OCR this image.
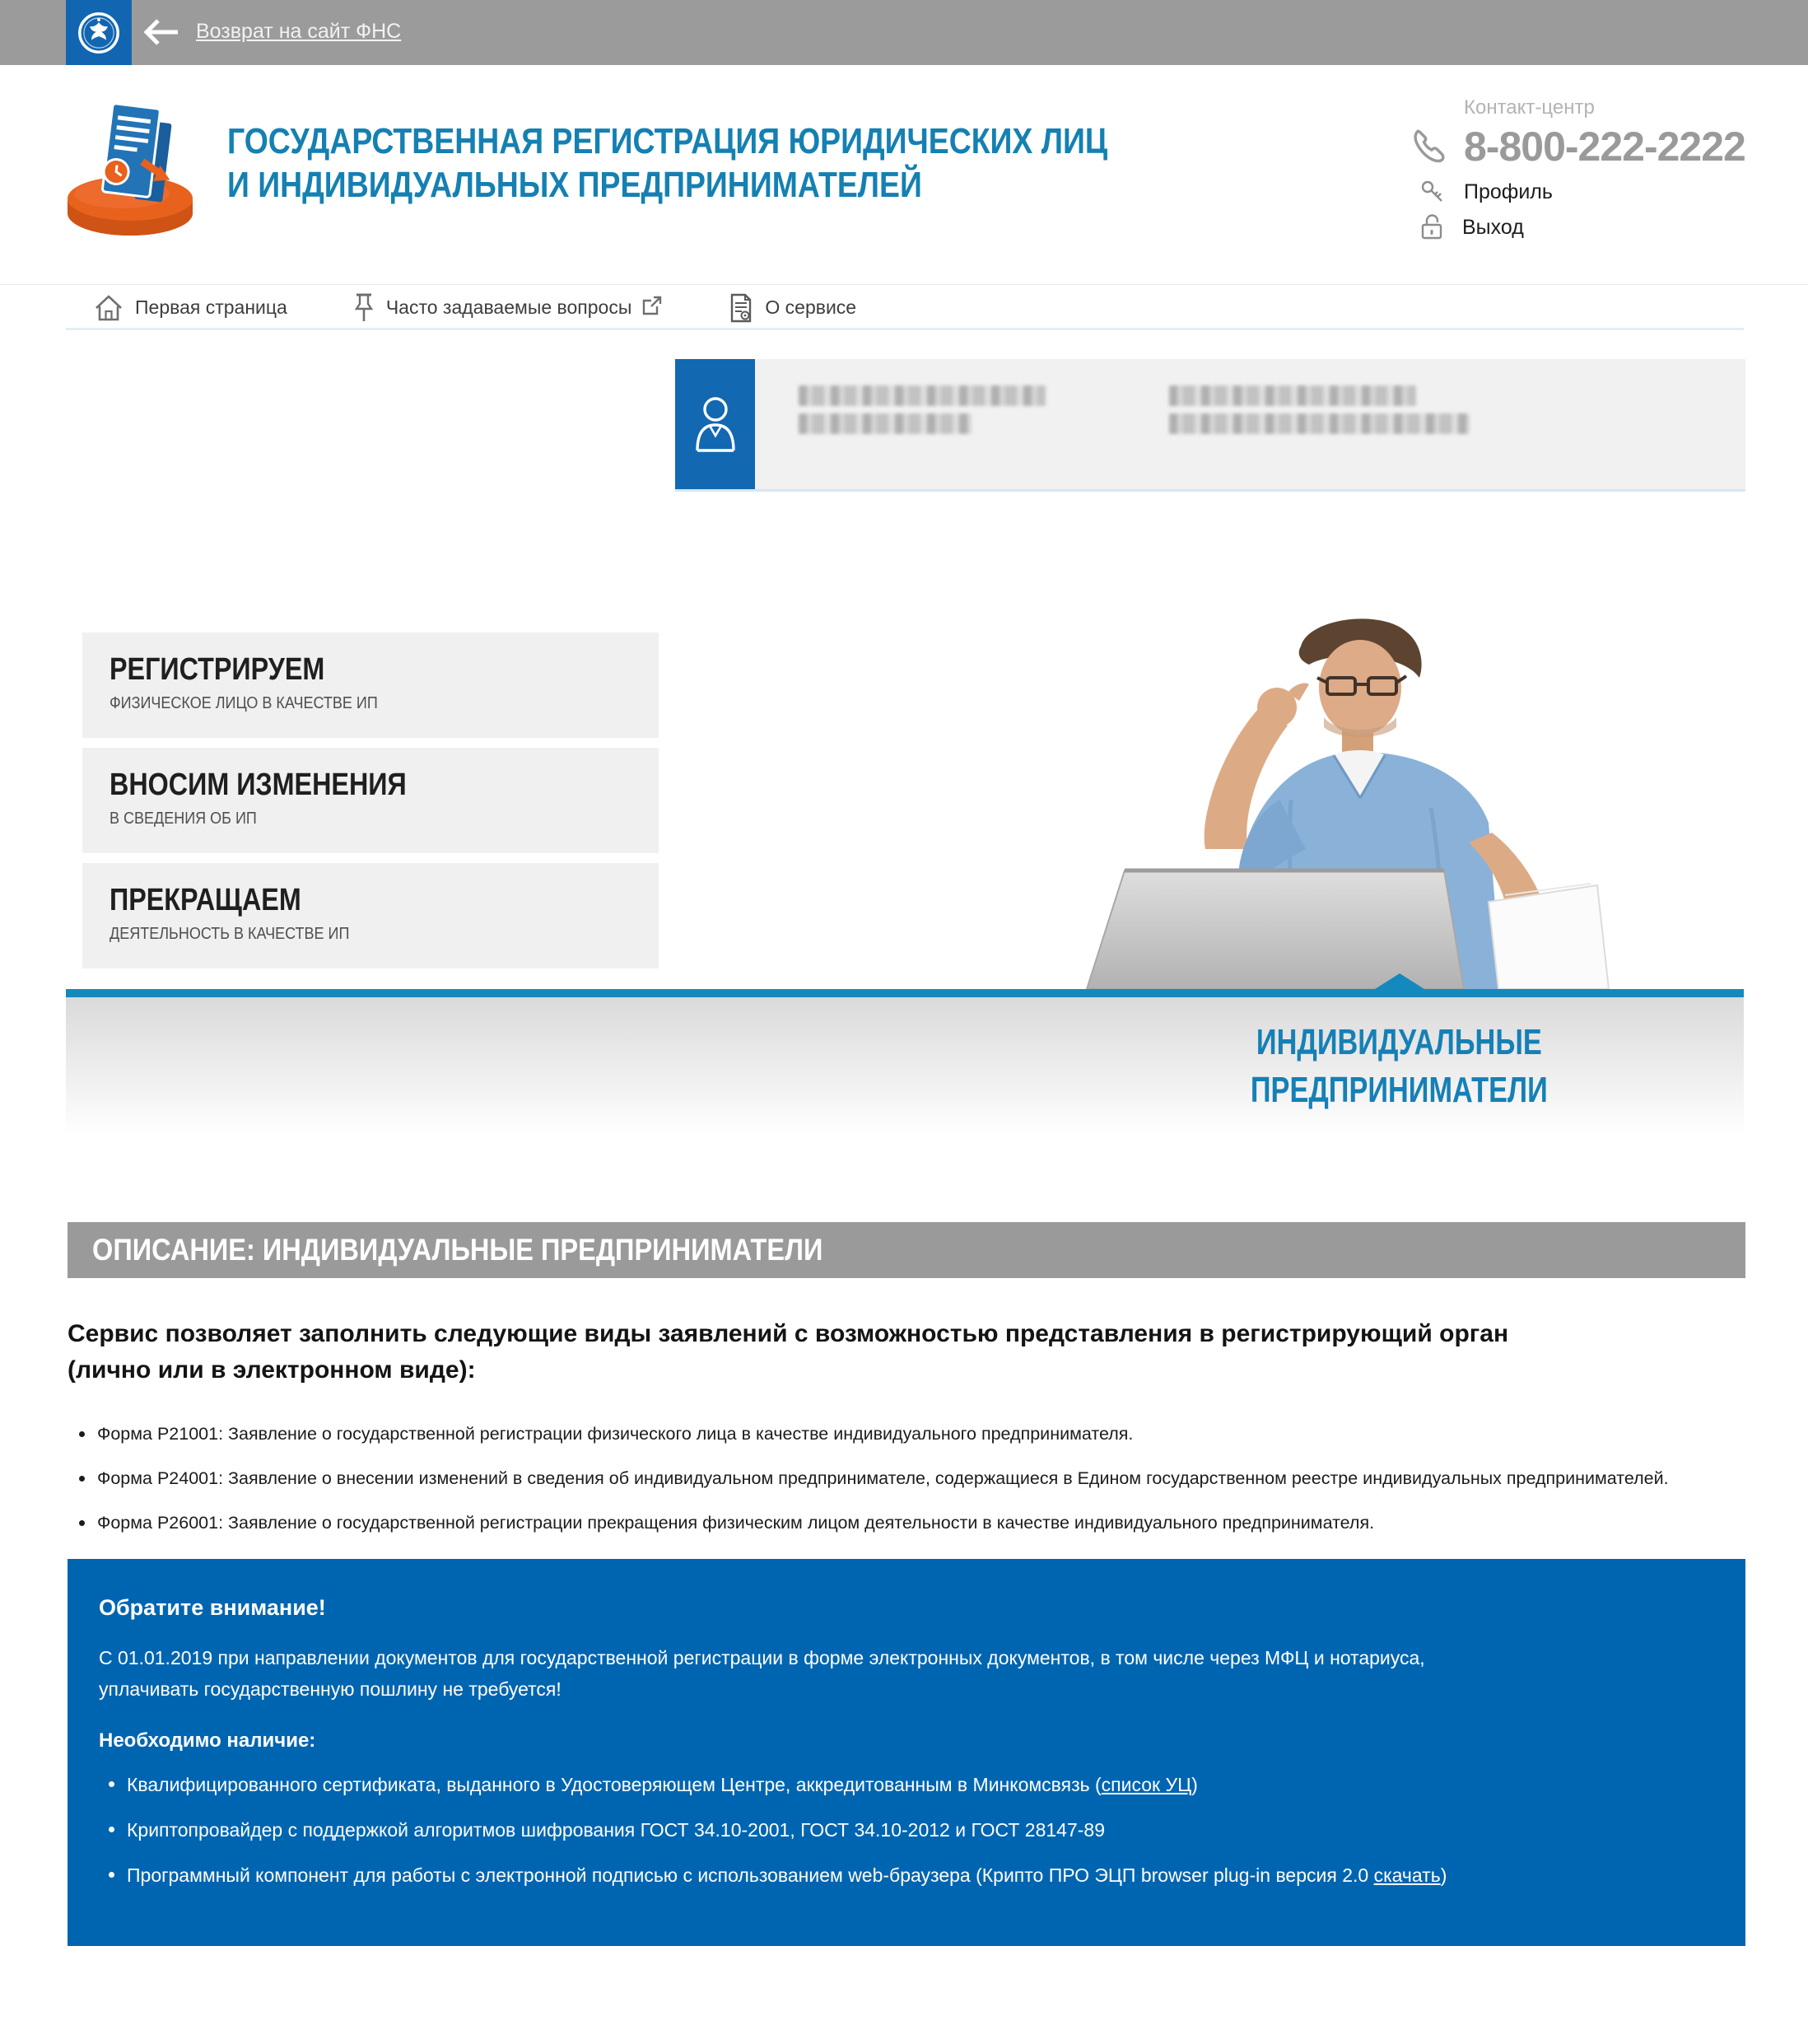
Возврат на сайт ФНС
ГОСУДАРСТВЕННАЯ РЕГИСТРАЦИЯ ЮРИДИЧЕСКИХ ЛИЦ
И ИНДИВИДУАЛЬНЫХ ПРЕДПРИНИМАТЕЛЕЙ
Контакт-центр
8-800-222-2222
Профиль
Выход
Первая страница	Часто задаваемые вопросы	О сервисе
РЕГИСТРИРУЕМ
ФИЗИЧЕСКОЕ ЛИЦО В КАЧЕСТВЕ ИП
ВНОСИМ ИЗМЕНЕНИЯ
В СВЕДЕНИЯ ОБ ИП
ПРЕКРАЩАЕМ
ДЕЯТЕЛЬНОСТЬ В КАЧЕСТВЕ ИП
ИНДИВИДУАЛЬНЫЕ
ПРЕДПРИНИМАТЕЛИ
ОПИСАНИЕ: ИНДИВИДУАЛЬНЫЕ ПРЕДПРИНИМАТЕЛИ
Сервис позволяет заполнить следующие виды заявлений с возможностью представления в регистрирующий орган (лично или в электронном виде):
Форма Р21001: Заявление о государственной регистрации физического лица в качестве индивидуального предпринимателя.
Форма Р24001: Заявление о внесении изменений в сведения об индивидуальном предпринимателе, содержащиеся в Едином государственном реестре индивидуальных предпринимателей.
Форма Р26001: Заявление о государственной регистрации прекращения физическим лицом деятельности в качестве индивидуального предпринимателя.
Обратите внимание!
С 01.01.2019 при направлении документов для государственной регистрации в форме электронных документов, в том числе через МФЦ и нотариуса, уплачивать государственную пошлину не требуется!
Необходимо наличие:
Квалифицированного сертификата, выданного в Удостоверяющем Центре, аккредитованным в Минкомсвязь (список УЦ)
Криптопровайдер с поддержкой алгоритмов шифрования ГОСТ 34.10-2001, ГОСТ 34.10-2012 и ГОСТ 28147-89
Программный компонент для работы с электронной подписью с использованием web-браузера (Крипто ПРО ЭЦП browser plug-in версия 2.0 скачать)
